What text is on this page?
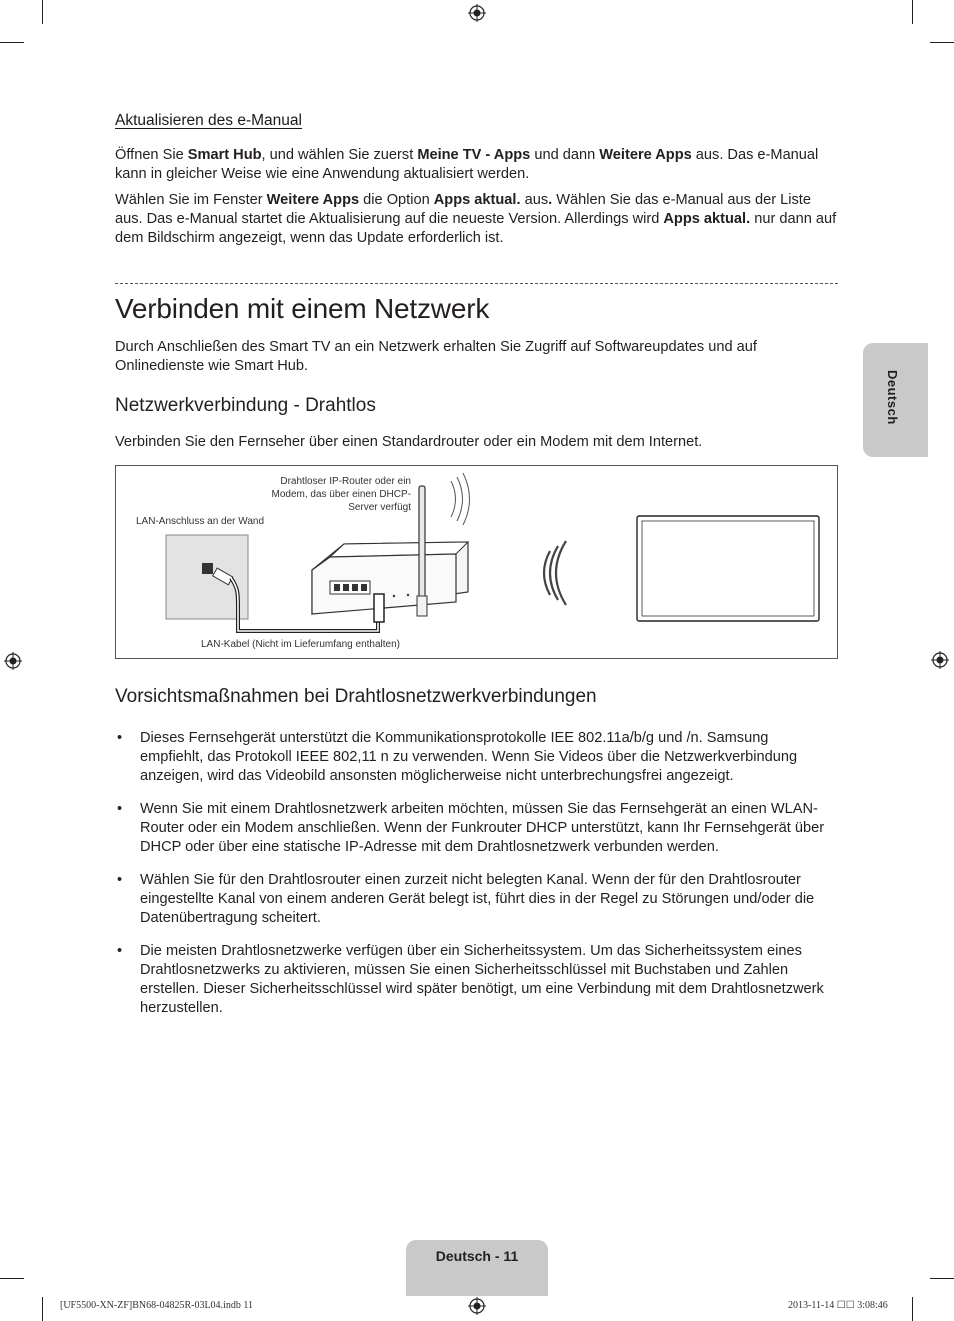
Aktualisieren des e-Manual

Öffnen Sie Smart Hub, und wählen Sie zuerst Meine TV - Apps und dann Weitere Apps aus. Das e-Manual kann in gleicher Weise wie eine Anwendung aktualisiert werden.

Wählen Sie im Fenster Weitere Apps die Option Apps aktual. aus. Wählen Sie das e-Manual aus der Liste aus. Das e-Manual startet die Aktualisierung auf die neueste Version. Allerdings wird Apps aktual. nur dann auf dem Bildschirm angezeigt, wenn das Update erforderlich ist.

Verbinden mit einem Netzwerk

Durch Anschließen des Smart TV an ein Netzwerk erhalten Sie Zugriff auf Softwareupdates und auf Onlinedienste wie Smart Hub.

Netzwerkverbindung - Drahtlos

Verbinden Sie den Fernseher über einen Standardrouter oder ein Modem mit dem Internet.

Drahtloser IP-Router oder ein
Modem, das über einen DHCP-
Server verfügt
LAN-Anschluss an der Wand
LAN-Kabel (Nicht im Lieferumfang enthalten)
Vorsichtsmaßnahmen bei Drahtlosnetzwerkverbindungen
• Dieses Fernsehgerät unterstützt die Kommunikationsprotokolle IEE 802.11a/b/g und /n. Samsung empfiehlt, das Protokoll IEEE 802,11 n zu verwenden. Wenn Sie Videos über die Netzwerkverbindung anzeigen, wird das Videobild ansonsten möglicherweise nicht unterbrechungsfrei angezeigt.
• Wenn Sie mit einem Drahtlosnetzwerk arbeiten möchten, müssen Sie das Fernsehgerät an einen WLAN-Router oder ein Modem anschließen. Wenn der Funkrouter DHCP unterstützt, kann Ihr Fernsehgerät über DHCP oder über eine statische IP-Adresse mit dem Drahtlosnetzwerk verbunden werden.
• Wählen Sie für den Drahtlosrouter einen zurzeit nicht belegten Kanal. Wenn der für den Drahtlosrouter eingestellte Kanal von einem anderen Gerät belegt ist, führt dies in der Regel zu Störungen und/oder die Datenübertragung scheitert.
• Die meisten Drahtlosnetzwerke verfügen über ein Sicherheitssystem. Um das Sicherheitssystem eines Drahtlosnetzwerks zu aktivieren, müssen Sie einen Sicherheitsschlüssel mit Buchstaben und Zahlen erstellen. Dieser Sicherheitsschlüssel wird später benötigt, um eine Verbindung mit dem Drahtlosnetzwerk herzustellen.
Deutsch
Deutsch - 11
[UF5500-XN-ZF]BN68-04825R-03L04.indb 11	2013-11-14 ☐☐ 3:08:46
